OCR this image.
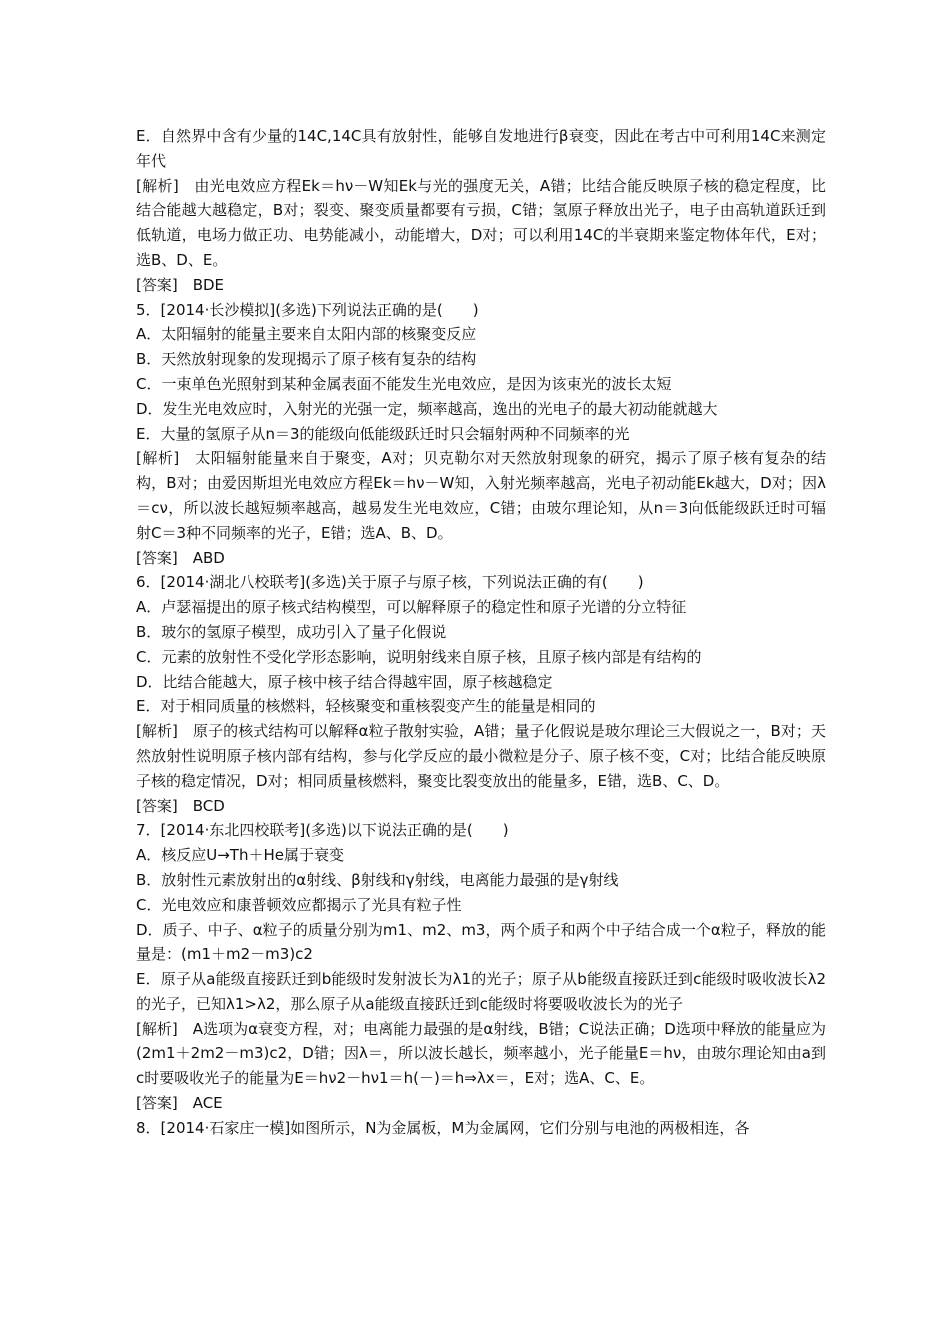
E．自然界中含有少量的14C,14C具有放射性，能够自发地进行β衰变，因此在考古中可利用14C来测定年代

[解析]　由光电效应方程Ek＝hν－W知Ek与光的强度无关，A错；比结合能反映原子核的稳定程度，比结合能越大越稳定，B对；裂变、聚变质量都要有亏损，C错；氢原子释放出光子，电子由高轨道跃迁到低轨道，电场力做正功、电势能减小，动能增大，D对；可以利用14C的半衰期来鉴定物体年代，E对；选B、D、E。

[答案]　BDE

5．[2014·长沙模拟](多选)下列说法正确的是(　　)

A．太阳辐射的能量主要来自太阳内部的核聚变反应

B．天然放射现象的发现揭示了原子核有复杂的结构

C．一束单色光照射到某种金属表面不能发生光电效应，是因为该束光的波长太短

D．发生光电效应时，入射光的光强一定，频率越高，逸出的光电子的最大初动能就越大

E．大量的氢原子从n＝3的能级向低能级跃迁时只会辐射两种不同频率的光

[解析]　太阳辐射能量来自于聚变，A对；贝克勒尔对天然放射现象的研究，揭示了原子核有复杂的结构，B对；由爱因斯坦光电效应方程Ek＝hν－W知，入射光频率越高，光电子初动能Ek越大，D对；因λ＝cν，所以波长越短频率越高，越易发生光电效应，C错；由玻尔理论知，从n＝3向低能级跃迁时可辐射C＝3种不同频率的光子，E错；选A、B、D。

[答案]　ABD

6．[2014·湖北八校联考](多选)关于原子与原子核，下列说法正确的有(　　)

A．卢瑟福提出的原子核式结构模型，可以解释原子的稳定性和原子光谱的分立特征

B．玻尔的氢原子模型，成功引入了量子化假说

C．元素的放射性不受化学形态影响，说明射线来自原子核，且原子核内部是有结构的

D．比结合能越大，原子核中核子结合得越牢固，原子核越稳定

E．对于相同质量的核燃料，轻核聚变和重核裂变产生的能量是相同的

[解析]　原子的核式结构可以解释α粒子散射实验，A错；量子化假说是玻尔理论三大假说之一，B对；天然放射性说明原子核内部有结构，参与化学反应的最小微粒是分子、原子核不变，C对；比结合能反映原子核的稳定情况，D对；相同质量核燃料，聚变比裂变放出的能量多，E错，选B、C、D。

[答案]　BCD

7．[2014·东北四校联考](多选)以下说法正确的是(　　)

A．核反应U→Th＋He属于衰变

B．放射性元素放射出的α射线、β射线和γ射线，电离能力最强的是γ射线

C．光电效应和康普顿效应都揭示了光具有粒子性

D．质子、中子、α粒子的质量分别为m1、m2、m3，两个质子和两个中子结合成一个α粒子，释放的能量是：(m1＋m2－m3)c2

E．原子从a能级直接跃迁到b能级时发射波长为λ1的光子；原子从b能级直接跃迁到c能级时吸收波长λ2的光子，已知λ1>λ2，那么原子从a能级直接跃迁到c能级时将要吸收波长为的光子

[解析]　A选项为α衰变方程，对；电离能力最强的是α射线，B错；C说法正确；D选项中释放的能量应为(2m1＋2m2－m3)c2，D错；因λ＝，所以波长越长，频率越小，光子能量E＝hν，由玻尔理论知由a到c时要吸收光子的能量为E＝hν2－hν1＝h(－)＝h⇒λx＝，E对；选A、C、E。

[答案]　ACE

8．[2014·石家庄一模]如图所示，N为金属板，M为金属网，它们分别与电池的两极相连，各
